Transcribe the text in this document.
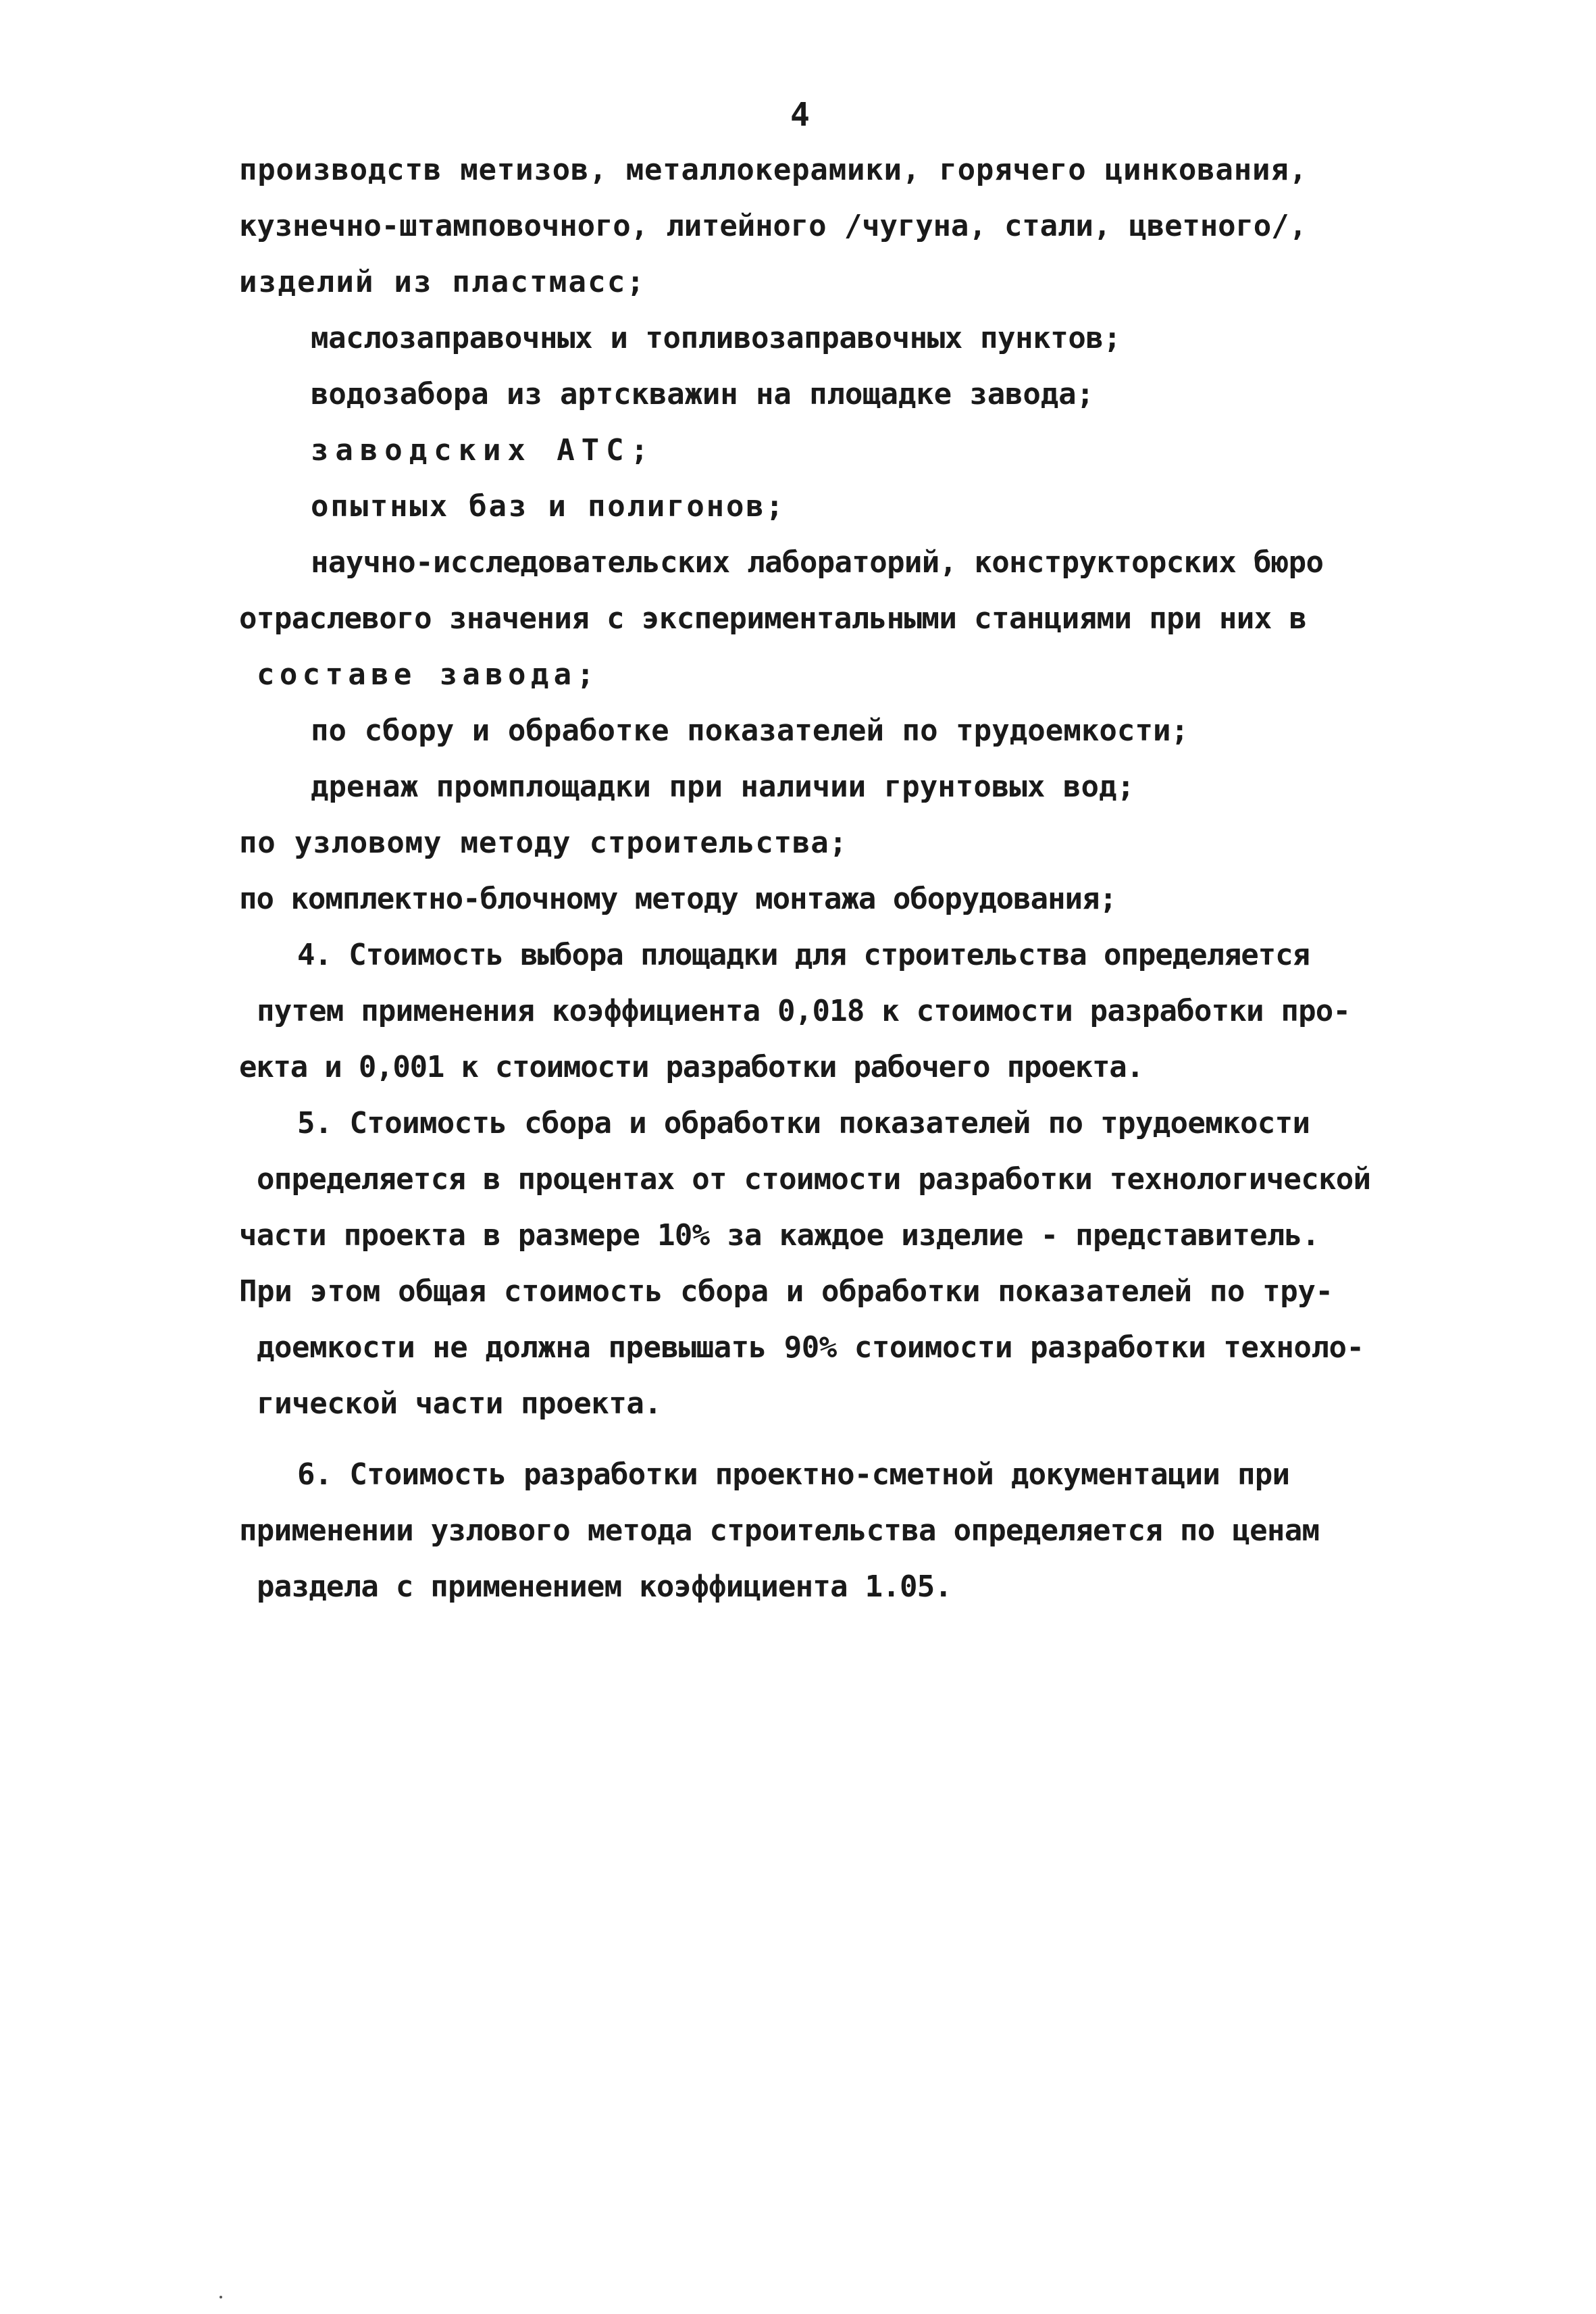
4
производств метизов, металлокерамики, горячего цинкования,
кузнечно-штамповочного, литейного /чугуна, стали, цветного/,
изделий из пластмасс;
маслозаправочных и топливозаправочных пунктов;
водозабора из артскважин на площадке завода;
заводских АТС;
опытных баз и полигонов;
научно-исследовательских лабораторий, конструкторских бюро
отраслевого значения с экспериментальными станциями при них в
составе завода;
по сбору и обработке показателей по трудоемкости;
дренаж промплощадки при наличии грунтовых вод;
по узловому методу строительства;
по комплектно-блочному методу монтажа оборудования;
4. Стоимость выбора площадки для строительства определяется
путем применения коэффициента 0,018 к стоимости разработки про-
екта и 0,001 к стоимости разработки рабочего проекта.
5. Стоимость сбора и обработки показателей по трудоемкости
определяется в процентах от стоимости разработки технологической
части проекта в размере 10% за каждое изделие - представитель.
При этом общая стоимость сбора и обработки показателей по тру-
доемкости не должна превышать 90% стоимости разработки техноло-
гической части проекта.
6. Стоимость разработки проектно-сметной документации при
применении узлового метода строительства определяется по ценам
раздела с применением коэффициента 1.05.
